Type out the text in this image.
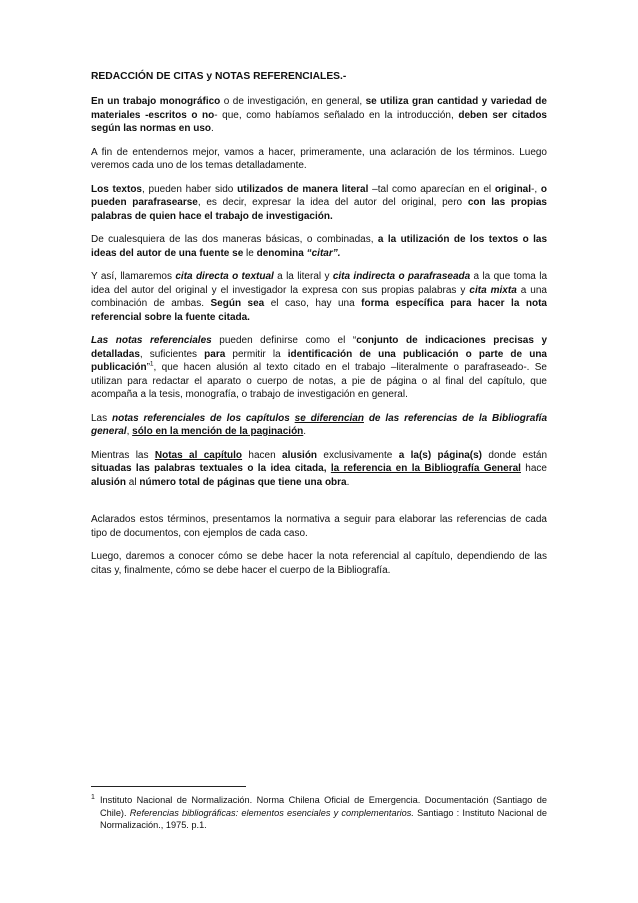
REDACCIÓN DE CITAS y NOTAS REFERENCIALES.-

En un trabajo monográfico o de investigación, en general, se utiliza gran cantidad y variedad de materiales -escritos o no- que, como habíamos señalado en la introducción, deben ser citados según las normas en uso.

A fin de entendernos mejor, vamos a hacer, primeramente, una aclaración de los términos. Luego veremos cada uno de los temas detalladamente.

Los textos, pueden haber sido utilizados de manera literal –tal como aparecían en el original-, o pueden parafrasearse, es decir, expresar la idea del autor del original, pero con las propias palabras de quien hace el trabajo de investigación.

De cualesquiera de las dos maneras básicas, o combinadas, a la utilización de los textos o las ideas del autor de una fuente se le denomina “citar”.

Y así, llamaremos cita directa o textual a la literal y cita indirecta o parafraseada a la que toma la idea del autor del original y el investigador la expresa con sus propias palabras y cita mixta a una combinación de ambas. Según sea el caso, hay una forma específica para hacer la nota referencial sobre la fuente citada.

Las notas referenciales pueden definirse como el “conjunto de indicaciones precisas y detalladas, suficientes para permitir la identificación de una publicación o parte de una publicación”$^1$, que hacen alusión al texto citado en el trabajo –literalmente o parafraseado-. Se utilizan para redactar el aparato o cuerpo de notas, a pie de página o al final del capítulo, que acompaña a la tesis, monografía, o trabajo de investigación en general.

Las notas referenciales de los capítulos se diferencian de las referencias de la Bibliografía general, sólo en la mención de la paginación.

Mientras las Notas al capítulo hacen alusión exclusivamente a la(s) página(s) donde están situadas las palabras textuales o la idea citada, la referencia en la Bibliografía General hace alusión al número total de páginas que tiene una obra.

Aclarados estos términos, presentamos la normativa a seguir para elaborar las referencias de cada tipo de documentos, con ejemplos de cada caso.

Luego, daremos a conocer cómo se debe hacer la nota referencial al capítulo, dependiendo de las citas y, finalmente, cómo se debe hacer el cuerpo de la Bibliografía.

1 Instituto Nacional de Normalización. Norma Chilena Oficial de Emergencia. Documentación (Santiago de Chile). Referencias bibliográficas: elementos esenciales y complementarios. Santiago : Instituto Nacional de Normalización., 1975. p.1.
